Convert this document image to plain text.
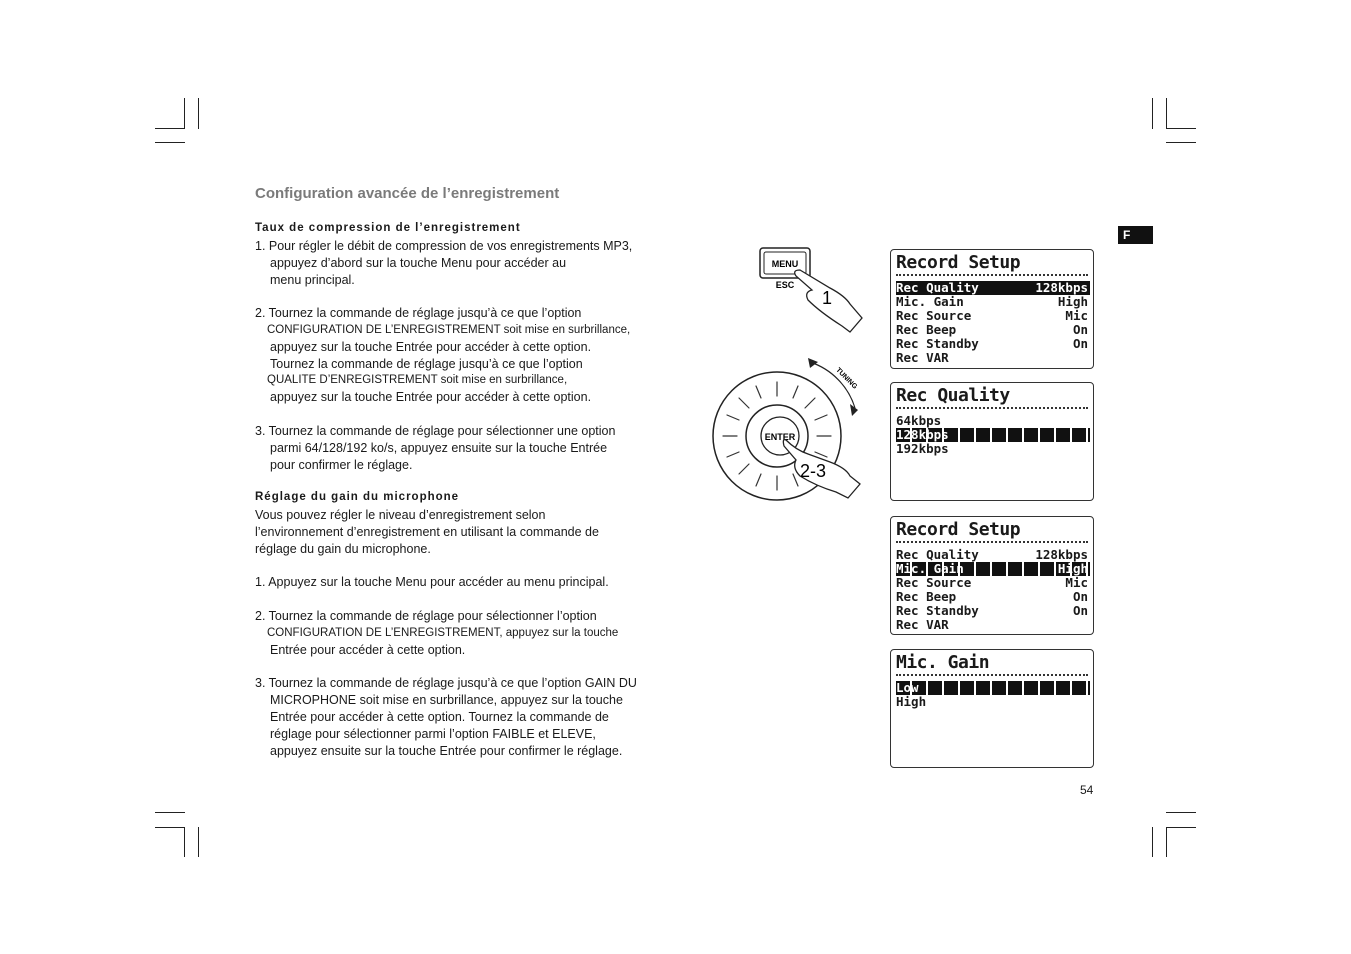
F
Configuration avancée de l’enregistrement
Taux de compression de l’enregistrement
1. Pour régler le débit de compression de vos enregistrements MP3,
appuyez d’abord sur la touche Menu pour accéder au
menu principal.
2. Tournez la commande de réglage jusqu’à ce que l’option
CONFIGURATION DE L’ENREGISTREMENT soit mise en surbrillance,
appuyez sur la touche Entrée pour accéder à cette option.
Tournez la commande de réglage jusqu’à ce que l’option
QUALITE D’ENREGISTREMENT soit mise en surbrillance,
appuyez sur la touche Entrée pour accéder à cette option.
3. Tournez la commande de réglage pour sélectionner une option
parmi 64/128/192 ko/s, appuyez ensuite sur la touche Entrée
pour confirmer le réglage.
Réglage du gain du microphone
Vous pouvez régler le niveau d’enregistrement selon
l’environnement d’enregistrement en utilisant la commande de
réglage du gain du microphone.
1. Appuyez sur la touche Menu pour accéder au menu principal.
2. Tournez la commande de réglage pour sélectionner l’option
CONFIGURATION DE L’ENREGISTREMENT, appuyez sur la touche
Entrée pour accéder à cette option.
3. Tournez la commande de réglage jusqu’à ce que l’option GAIN DU
MICROPHONE soit mise en surbrillance, appuyez sur la touche
Entrée pour accéder à cette option. Tournez la commande de
réglage pour sélectionner parmi l’option FAIBLE et ELEVE,
appuyez ensuite sur la touche Entrée pour confirmer le réglage.
MENU
ESC
1
TUNING
ENTER
2-3
Record Setup
Rec Quality	128kbps
Mic. Gain	High
Rec Source	Mic
Rec Beep	On
Rec Standby	On
Rec VAR
Rec Quality
64kbps
128kbps
192kbps
Record Setup
Rec Quality	128kbps
Mic. Gain	High
Rec Source	Mic
Rec Beep	On
Rec Standby	On
Rec VAR
Mic. Gain
Low
High
54
